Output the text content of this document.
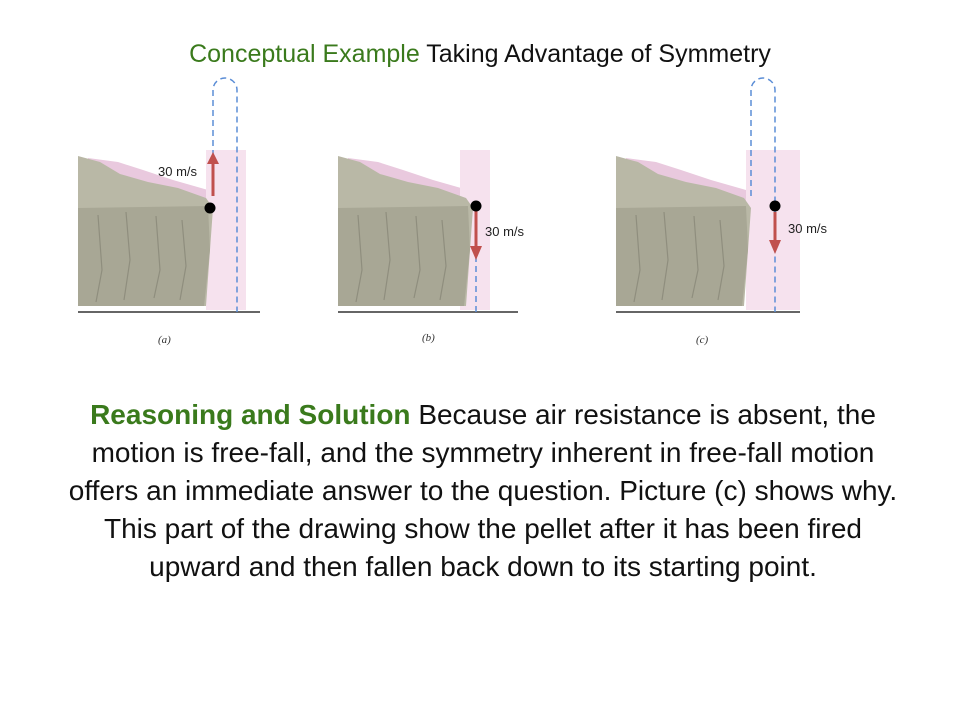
Conceptual Example Taking Advantage of Symmetry
30 m/s
(a)
30 m/s
(b)
30 m/s
(c)
Reasoning and Solution Because air resistance is absent, the motion is free-fall, and the symmetry inherent in free-fall motion offers an immediate answer to the question. Picture (c) shows why. This part of the drawing show the pellet after it has been fired upward and then fallen back down to its starting point.
